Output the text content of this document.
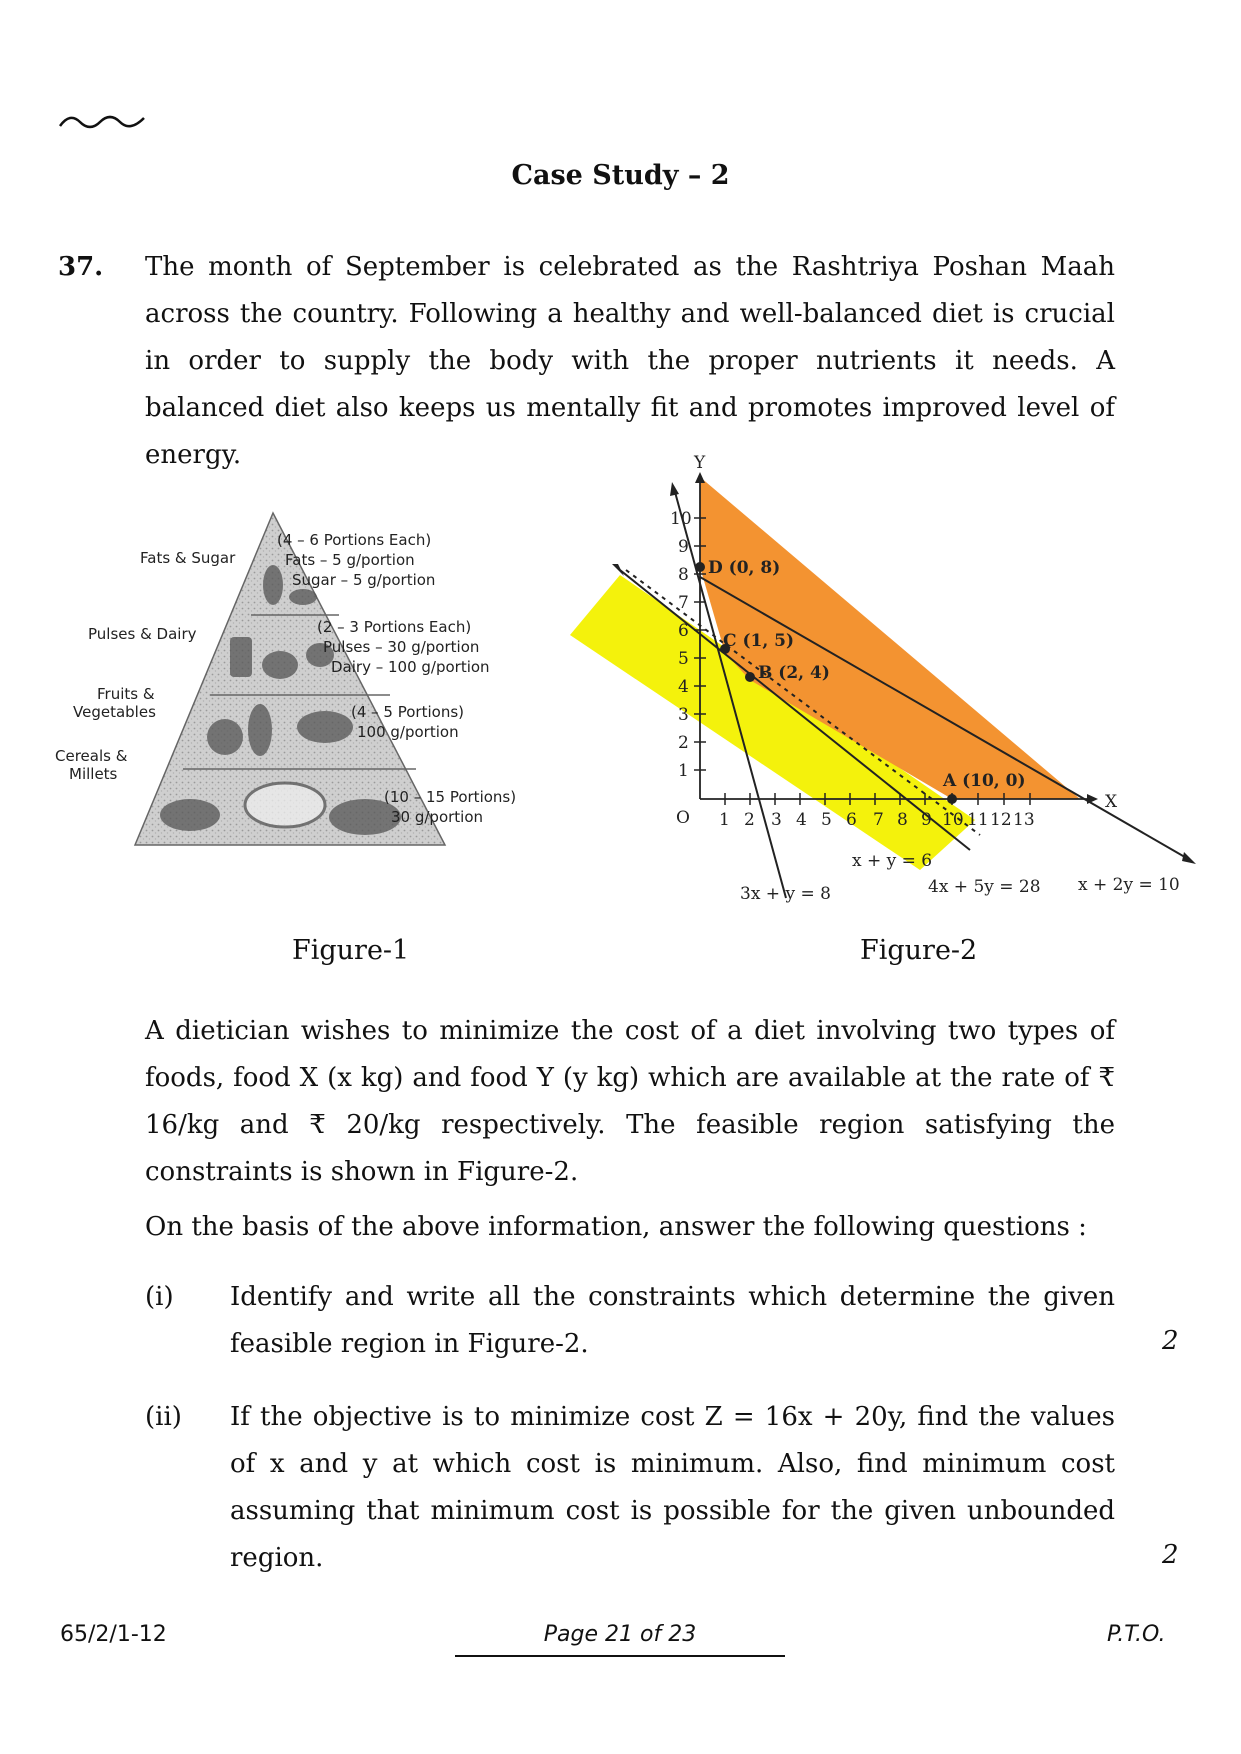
Case Study – 2
37. The month of September is celebrated as the Rashtriya Poshan Maah across the country. Following a healthy and well-balanced diet is crucial in order to supply the body with the proper nutrients it needs. A balanced diet also keeps us mentally fit and promotes improved level of energy.
Fats & Sugar
Pulses & Dairy
Fruits &
Vegetables
Cereals &
Millets
(4 – 6 Portions Each)
Fats – 5 g/portion
Sugar – 5 g/portion
(2 – 3 Portions Each)
Pulses – 30 g/portion
Dairy – 100 g/portion
(4 – 5 Portions)
100 g/portion
(10 – 15 Portions)
30 g/portion	1 2 3 4 5 6 7 8 9 10 11 12 13
1
2
3
4
5
6
7
8
9
10
O
X
Y
D (0, 8)
C (1, 5)
B (2, 4)
A (10, 0)
x + y = 6
3x + y = 8	4x + 5y = 28 x + 2y = 10
Figure-1	Figure-2
A dietician wishes to minimize the cost of a diet involving two types of foods, food X (x kg) and food Y (y kg) which are available at the rate of ₹ 16/kg and ₹ 20/kg respectively. The feasible region satisfying the constraints is shown in Figure-2.
On the basis of the above information, answer the following questions :
(i) Identify and write all the constraints which determine the given feasible region in Figure-2.	2
(ii) If the objective is to minimize cost Z = 16x + 20y, find the values of x and y at which cost is minimum. Also, find minimum cost assuming that minimum cost is possible for the given unbounded region.	2
65/2/1-12	Page 21 of 23	P.T.O.
